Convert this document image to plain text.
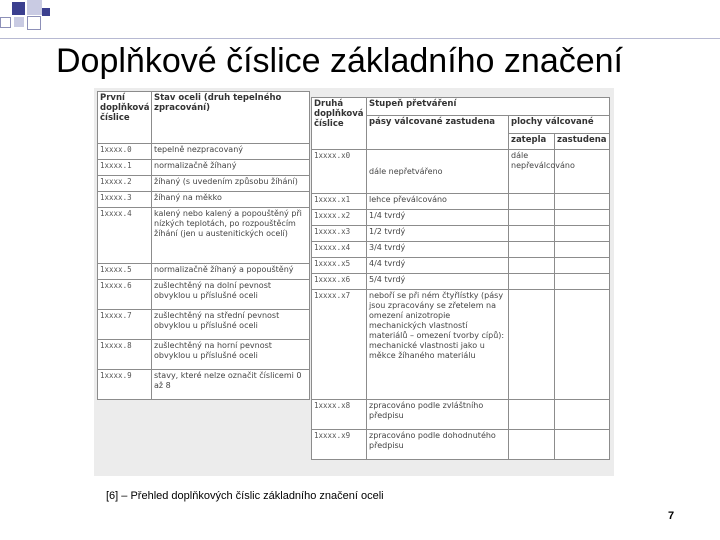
Doplňkové číslice základního značení
První doplňková číslice	Stav oceli (druh tepelného zpracování)
1xxxx.0	tepelně nezpracovaný
1xxxx.1	normalizačně žíhaný
1xxxx.2	žíhaný (s uvedením způsobu žíhání)
1xxxx.3	žíhaný na měkko
1xxxx.4	kalený nebo kalený a popouštěný při nízkých teplotách, po rozpouštěcím žíhání (jen u austenitických ocelí)
1xxxx.5	normalizačně žíhaný a popouštěný
1xxxx.6	zušlechtěný na dolní pevnost obvyklou u příslušné oceli
1xxxx.7	zušlechtěný na střední pevnost obvyklou u příslušné oceli
1xxxx.8	zušlechtěný na horní pevnost obvyklou u příslušné oceli
1xxxx.9	stavy, které nelze označit číslicemi 0 až 8
Druhá doplňková číslice	Stupeň přetváření		
	pásy válcované zastudena	plochy válcované	
		zatepla	zastudena
1xxxx.x0	dále nepřetvářeno	dále nepřeválcováno	
1xxxx.x1	lehce převálcováno		
1xxxx.x2	1/4 tvrdý		
1xxxx.x3	1/2 tvrdý		
1xxxx.x4	3/4 tvrdý		
1xxxx.x5	4/4 tvrdý		
1xxxx.x6	5/4 tvrdý		
1xxxx.x7	neboří se při ném čtyřlístky (pásy jsou zpracovány se zřetelem na omezení anizotropie mechanických vlastností materiálů – omezení tvorby cípů): mechanické vlastnosti jako u měkce žíhaného materiálu		
1xxxx.x8	zpracováno podle zvláštního předpisu		
1xxxx.x9	zpracováno podle dohodnutého předpisu		
[6] – Přehled doplňkových číslic základního značení oceli
7
